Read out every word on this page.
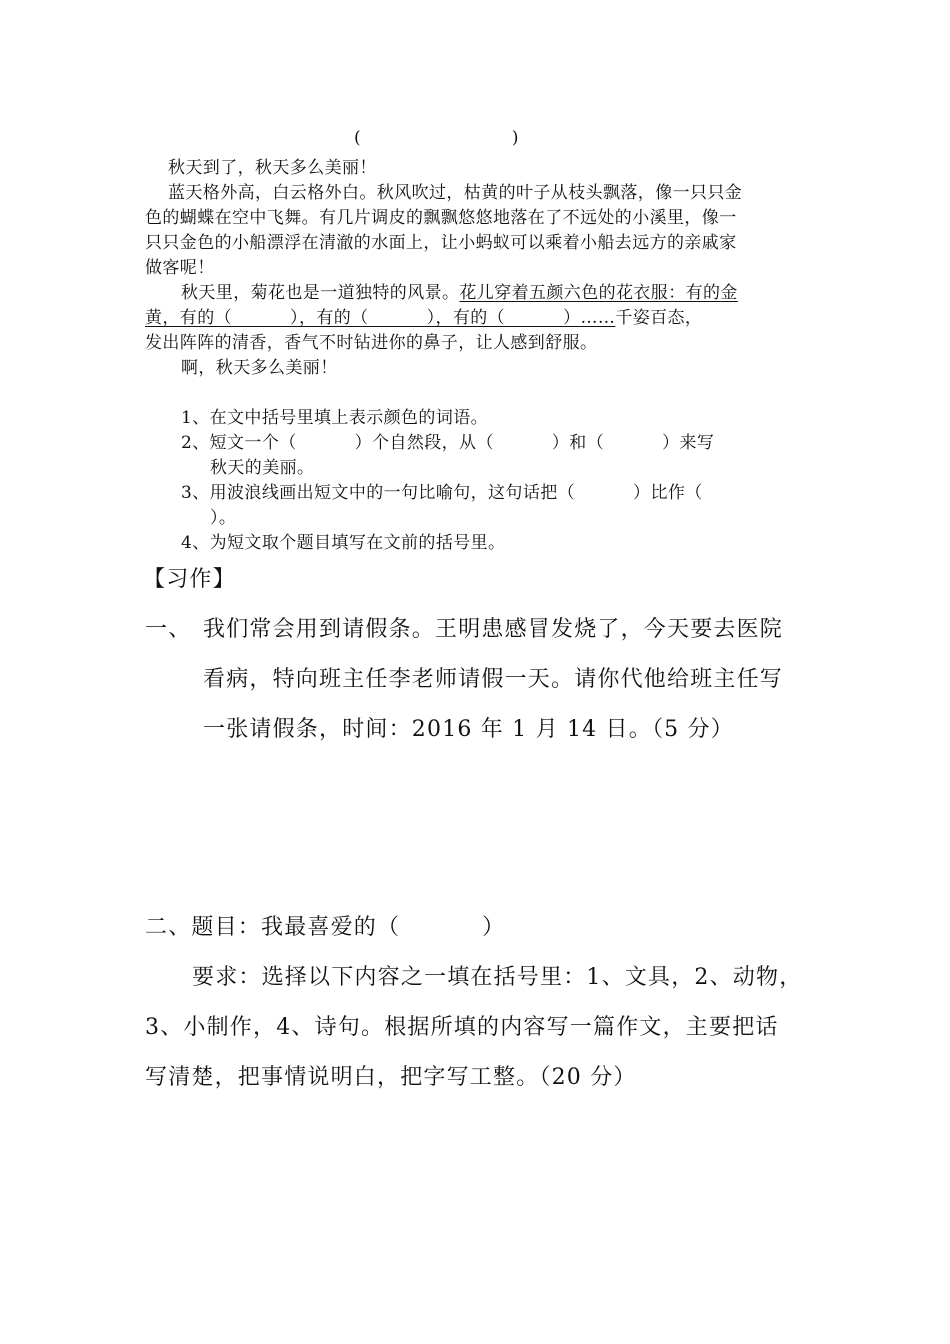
(                          )
秋天到了，秋天多么美丽！
蓝天格外高，白云格外白。秋风吹过，枯黄的叶子从枝头飘落，像一只只金
色的蝴蝶在空中飞舞。有几片调皮的飘飘悠悠地落在了不远处的小溪里，像一
只只金色的小船漂浮在清澈的水面上，让小蚂蚁可以乘着小船去远方的亲戚家
做客呢！
秋天里，菊花也是一道独特的风景。花儿穿着五颜六色的花衣服：有的金
黄，有的（          ），有的（          ），有的（          ）……千姿百态，
发出阵阵的清香，香气不时钻进你的鼻子，让人感到舒服。
啊，秋天多么美丽！
1、在文中括号里填上表示颜色的词语。
2、短文一个（          ）个自然段，从（          ）和（          ）来写
秋天的美丽。
3、用波浪线画出短文中的一句比喻句，这句话把（          ）比作（
）。
4、为短文取个题目填写在文前的括号里。
【习作】
一、 我们常会用到请假条。王明患感冒发烧了，今天要去医院
看病，特向班主任李老师请假一天。请你代他给班主任写
一张请假条，时间：2016 年 1 月 14 日。（5 分）
二、题目：我最喜爱的（          ）
要求：选择以下内容之一填在括号里：1、文具，2、动物，
3、小制作，4、诗句。根据所填的内容写一篇作文，主要把话
写清楚，把事情说明白，把字写工整。（20 分）
